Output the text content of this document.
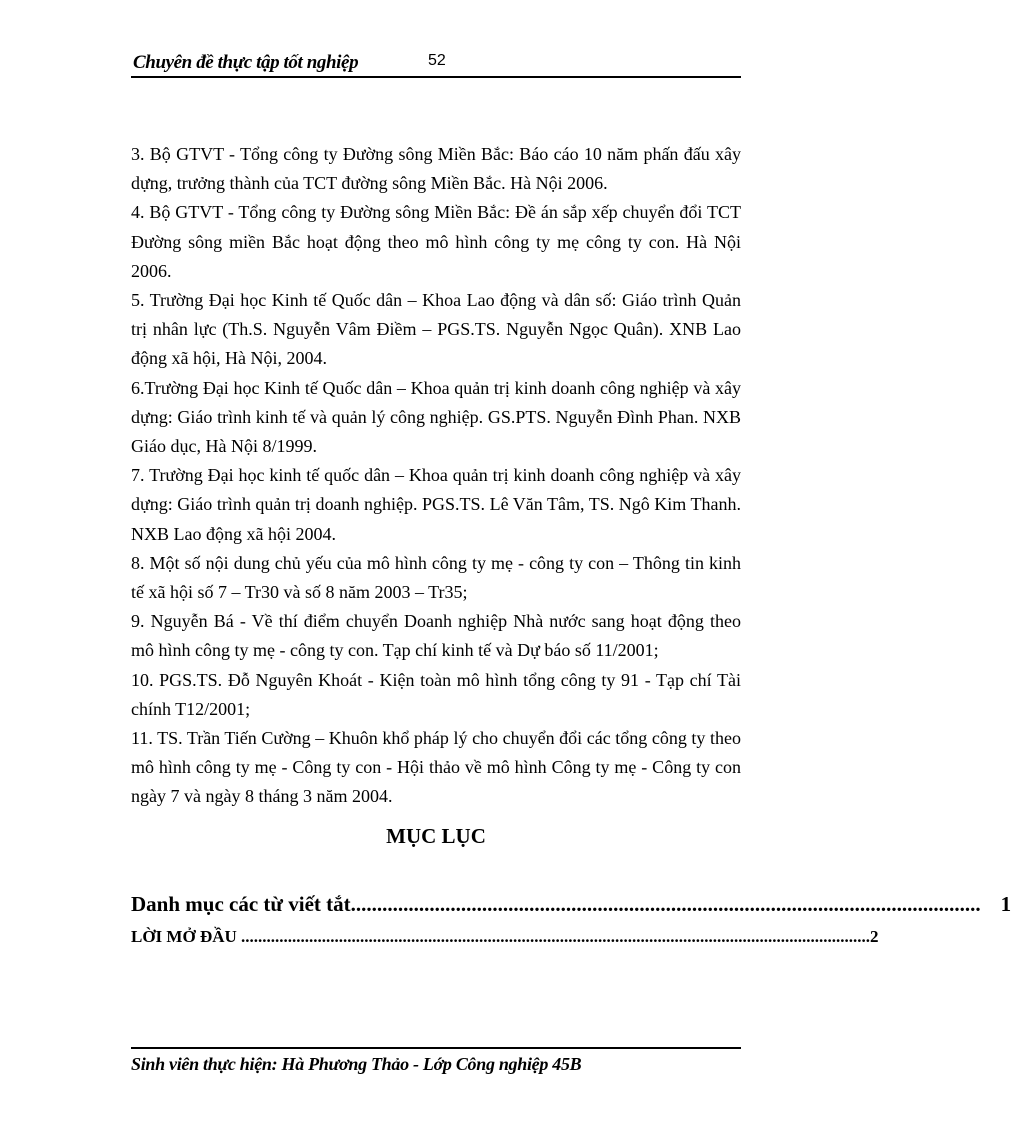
Chuyên đề thực tập tốt nghiệp	52

3. Bộ GTVT - Tổng công ty Đường sông Miền Bắc: Báo cáo 10 năm phấn đấu xây dựng, trưởng thành của TCT đường sông Miền Bắc. Hà Nội 2006.

4. Bộ GTVT - Tổng công ty Đường sông Miền Bắc: Đề án sắp xếp chuyển đổi TCT Đường sông miền Bắc hoạt động theo mô hình công ty mẹ công ty con. Hà Nội 2006.

5. Trường Đại học Kinh tế Quốc dân – Khoa Lao động và dân số: Giáo trình Quản trị nhân lực (Th.S. Nguyễn Vâm Điềm – PGS.TS. Nguyễn Ngọc Quân). XNB Lao động xã hội, Hà Nội, 2004.

6.Trường Đại học Kinh tế Quốc dân – Khoa quản trị kinh doanh công nghiệp và xây dựng: Giáo trình kinh tế và quản lý công nghiệp. GS.PTS. Nguyễn Đình Phan. NXB Giáo dục, Hà Nội 8/1999.

7. Trường Đại học kinh tế quốc dân – Khoa quản trị kinh doanh công nghiệp và xây dựng: Giáo trình quản trị doanh nghiệp. PGS.TS. Lê Văn Tâm, TS. Ngô Kim Thanh. NXB Lao động xã hội 2004.

8. Một số nội dung chủ yếu của mô hình công ty mẹ - công ty con – Thông tin kinh tế xã hội số 7 – Tr30 và số 8 năm 2003 – Tr35;

9. Nguyễn Bá - Về thí điểm chuyển Doanh nghiệp Nhà nước sang hoạt động theo mô hình công ty mẹ - công ty con. Tạp chí kinh tế và Dự báo số 11/2001;

10. PGS.TS. Đỗ Nguyên Khoát - Kiện toàn mô hình tổng công ty 91 - Tạp chí Tài chính T12/2001;

11. TS. Trần Tiến Cường – Khuôn khổ pháp lý cho chuyển đổi các tổng công ty theo mô hình công ty mẹ - Công ty con - Hội thảo về mô hình Công ty mẹ - Công ty con ngày 7 và ngày 8 tháng 3 năm 2004.

MỤC LỤC
Danh mục các từ viết tắt ........................................................................................................................ 1
LỜI MỞ ĐẦU .................................................................................................................................................... 2
Sinh viên thực hiện: Hà Phương Thảo - Lớp Công nghiệp 45B
